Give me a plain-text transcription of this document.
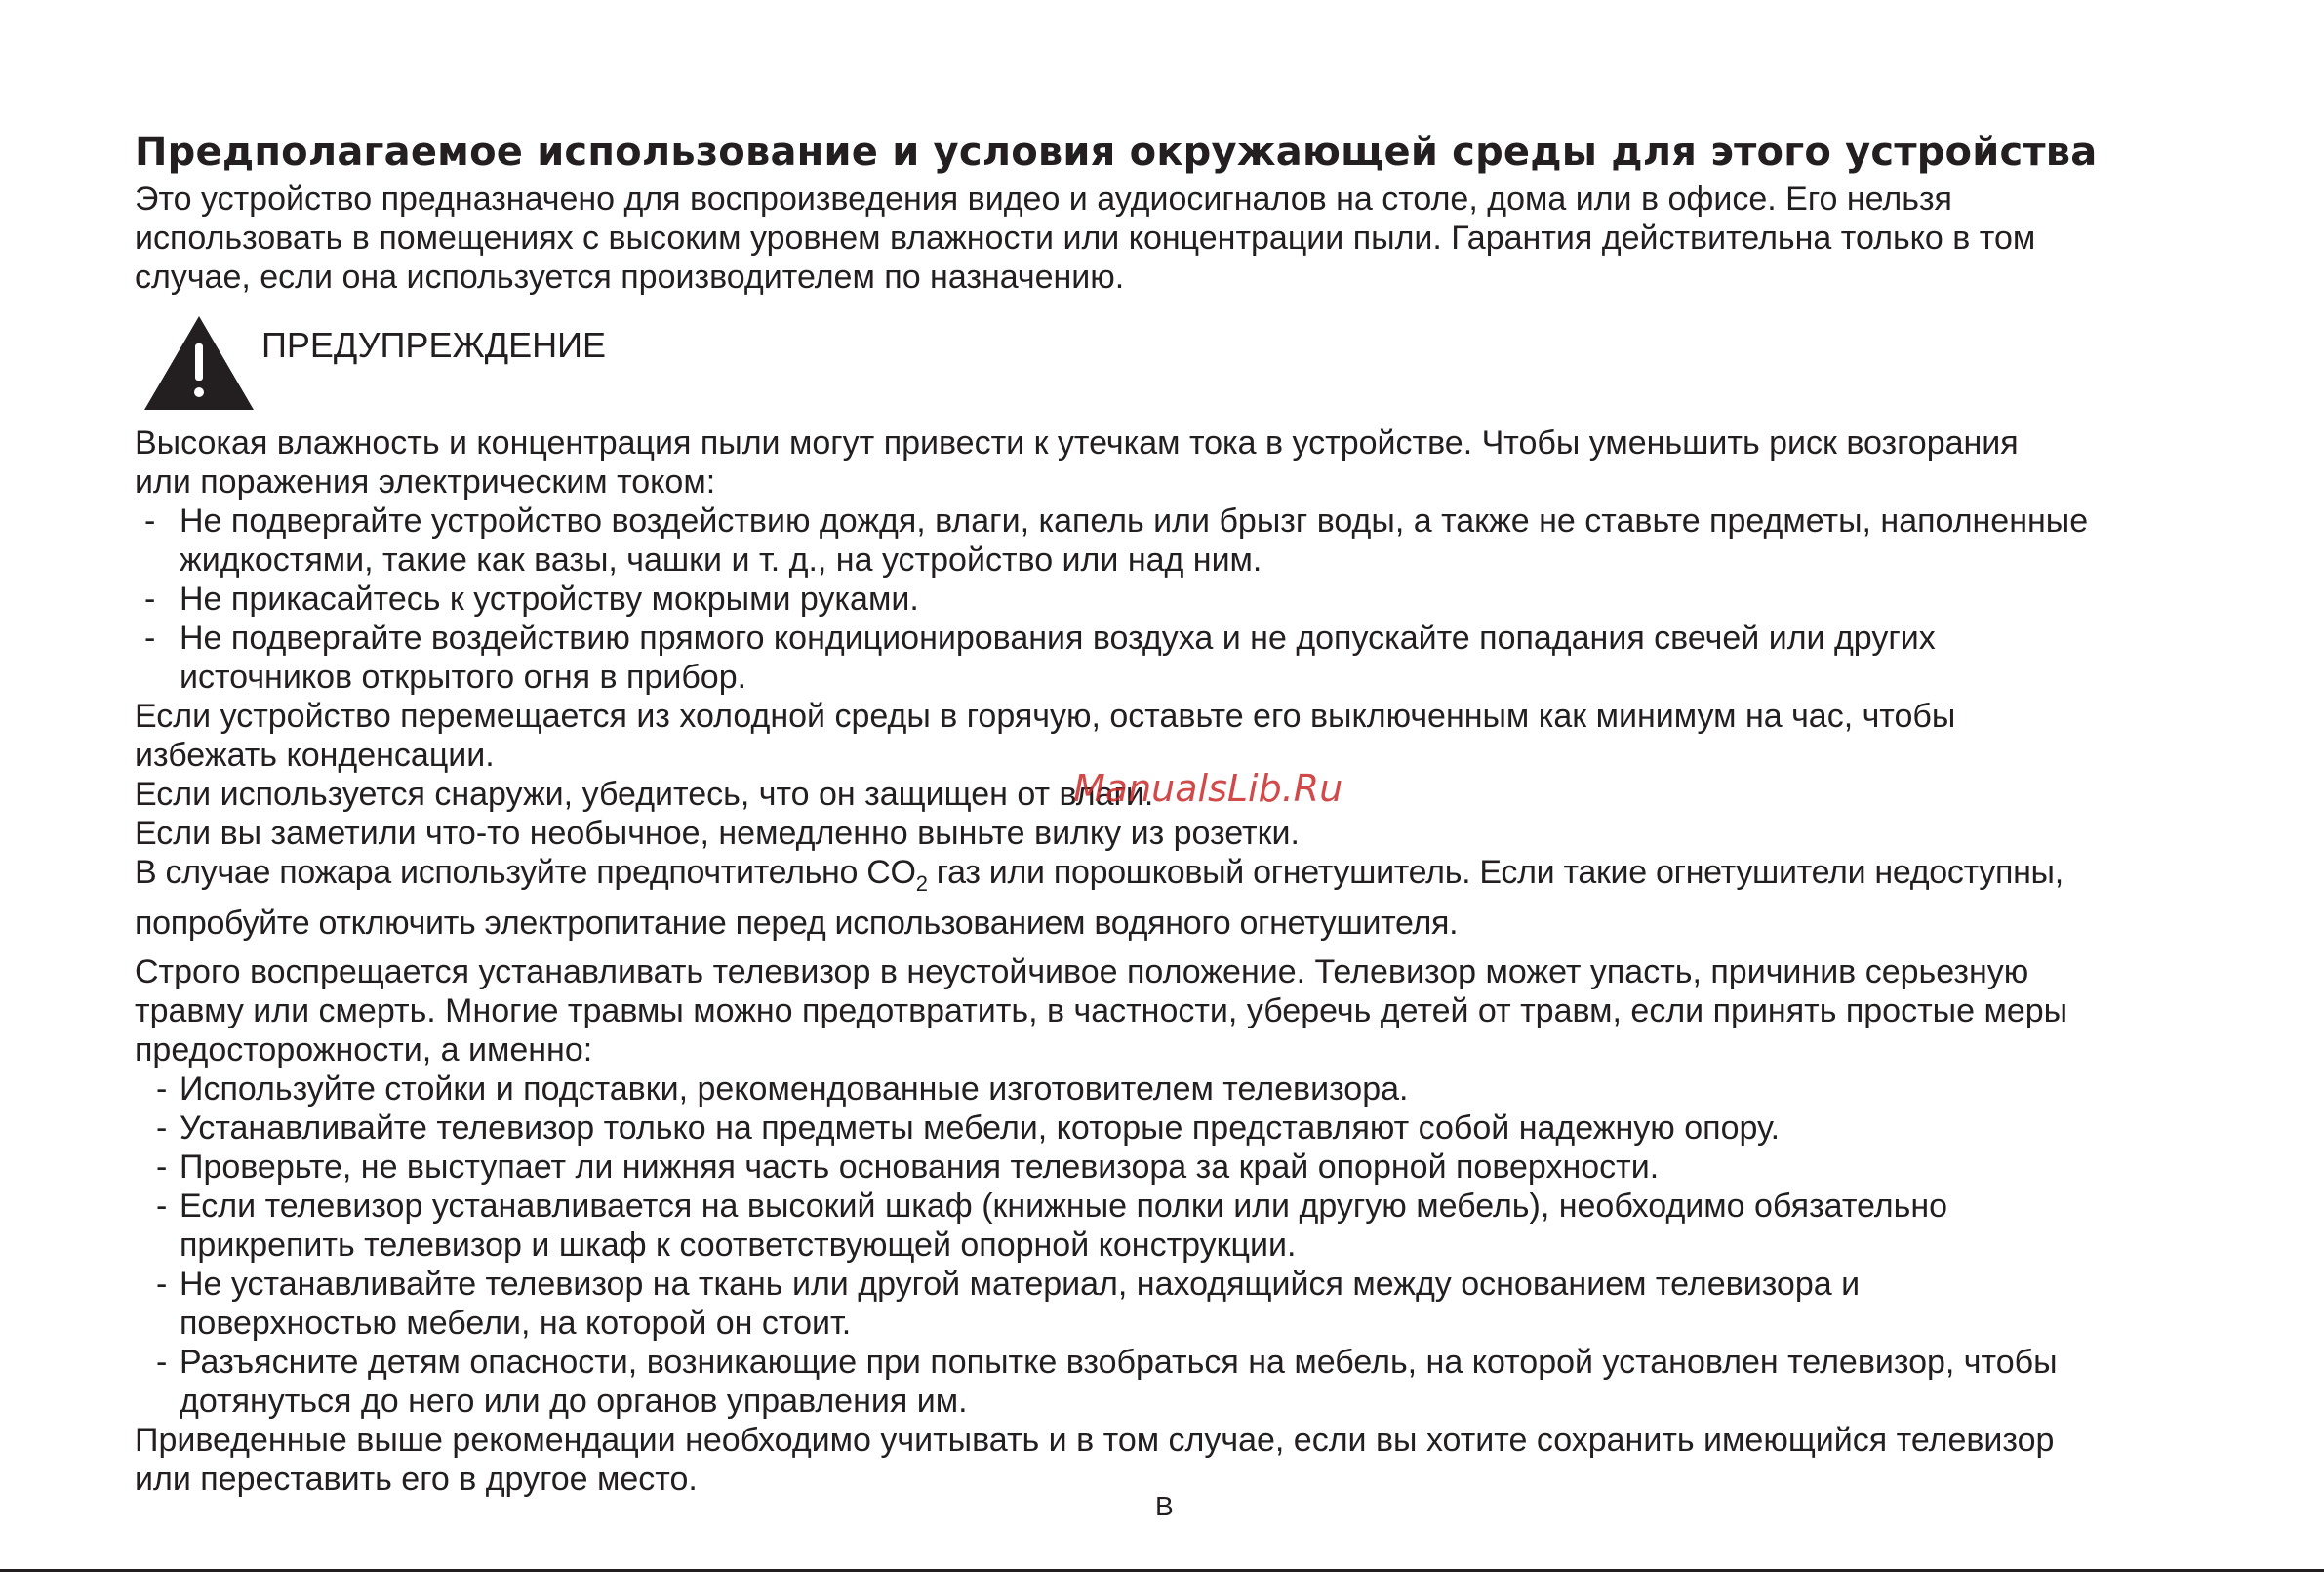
Предполагаемое использование и условия окружающей среды для этого устройства

Это устройство предназначено для воспроизведения видео и аудиосигналов на столе, дома или в офисе. Его нельзя
использовать в помещениях с высоким уровнем влажности или концентрации пыли. Гарантия действительна только в том
случае, если она используется производителем по назначению.

ПРЕДУПРЕЖДЕНИЕ

Высокая влажность и концентрация пыли могут привести к утечкам тока в устройстве. Чтобы уменьшить риск возгорания
или поражения электрическим током:

- Не подвергайте устройство воздействию дождя, влаги, капель или брызг воды, а также не ставьте предметы, наполненные
жидкостями, такие как вазы, чашки и т. д., на устройство или над ним.
- Не прикасайтесь к устройству мокрыми руками.
- Не подвергайте воздействию прямого кондиционирования воздуха и не допускайте попадания свечей или других
источников открытого огня в прибор.

Если устройство перемещается из холодной среды в горячую, оставьте его выключенным как минимум на час, чтобы
избежать конденсации.

Если используется снаружи, убедитесь, что он защищен от влаги.

Если вы заметили что-то необычное, немедленно выньте вилку из розетки.

В случае пожара используйте предпочтительно $CO_2$ газ или порошковый огнетушитель. Если такие огнетушители недоступны,
попробуйте отключить электропитание перед использованием водяного огнетушителя.

Строго воспрещается устанавливать телевизор в неустойчивое положение. Телевизор может упасть, причинив серьезную
травму или смерть. Многие травмы можно предотвратить, в частности, уберечь детей от травм, если принять простые меры
предосторожности, а именно:

- Используйте стойки и подставки, рекомендованные изготовителем телевизора.
- Устанавливайте телевизор только на предметы мебели, которые представляют собой надежную опору.
- Проверьте, не выступает ли нижняя часть основания телевизора за край опорной поверхности.
- Если телевизор устанавливается на высокий шкаф (книжные полки или другую мебель), необходимо обязательно
прикрепить телевизор и шкаф к соответствующей опорной конструкции.
- Не устанавливайте телевизор на ткань или другой материал, находящийся между основанием телевизора и
поверхностью мебели, на которой он стоит.
- Разъясните детям опасности, возникающие при попытке взобраться на мебель, на которой установлен телевизор, чтобы
дотянуться до него или до органов управления им.

Приведенные выше рекомендации необходимо учитывать и в том случае, если вы хотите сохранить имеющийся телевизор
или переставить его в другое место.

ManualsLib.Ru
B
